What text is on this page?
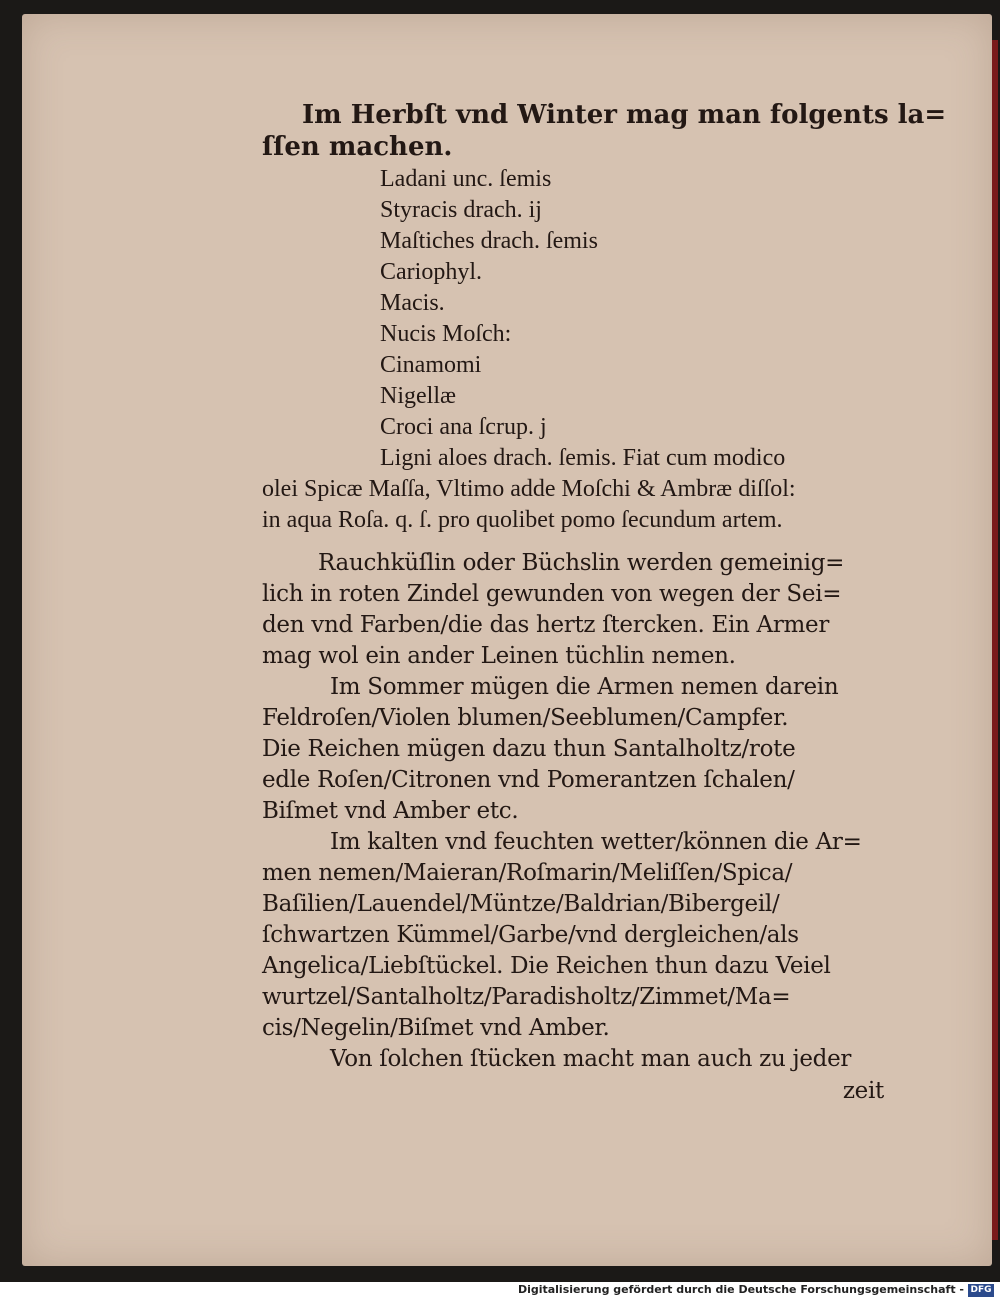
Im Herbſt vnd Winter mag man folgents la=
ſſen machen.
Ladani unc. ſemis
Styracis drach. ij
Maſtiches drach. ſemis
Cariophyl.
Macis.
Nucis Moſch:
Cinamomi
Nigellæ
Croci ana ſcrup. j
Ligni aloes drach. ſemis. Fiat cum modico
olei Spicæ Maſſa, Vltimo adde Moſchi & Ambræ diſſol:
in aqua Roſa. q. ſ. pro quolibet pomo ſecundum artem.
Rauchküſlin oder Büchslin werden gemeinig=
lich in roten Zindel gewunden von wegen der Sei=
den vnd Farben/die das hertz ſtercken. Ein Armer
mag wol ein ander Leinen tüchlin nemen.
Im Sommer mügen die Armen nemen darein
Feldroſen/Violen blumen/Seeblumen/Campfer.
Die Reichen mügen dazu thun Santalholtz/rote
edle Roſen/Citronen vnd Pomerantzen ſchalen/
Biſmet vnd Amber etc.
Im kalten vnd feuchten wetter/können die Ar=
men nemen/Maieran/Roſmarin/Meliſſen/Spica/
Baſilien/Lauendel/Müntze/Baldrian/Bibergeil/
ſchwartzen Kümmel/Garbe/vnd dergleichen/als
Angelica/Liebſtückel. Die Reichen thun dazu Veiel
wurtzel/Santalholtz/Paradisholtz/Zimmet/Ma=
cis/Negelin/Biſmet vnd Amber.
Von ſolchen ſtücken macht man auch zu jeder
zeit
Digitalisierung gefördert durch die Deutsche Forschungsgemeinschaft - DFG
